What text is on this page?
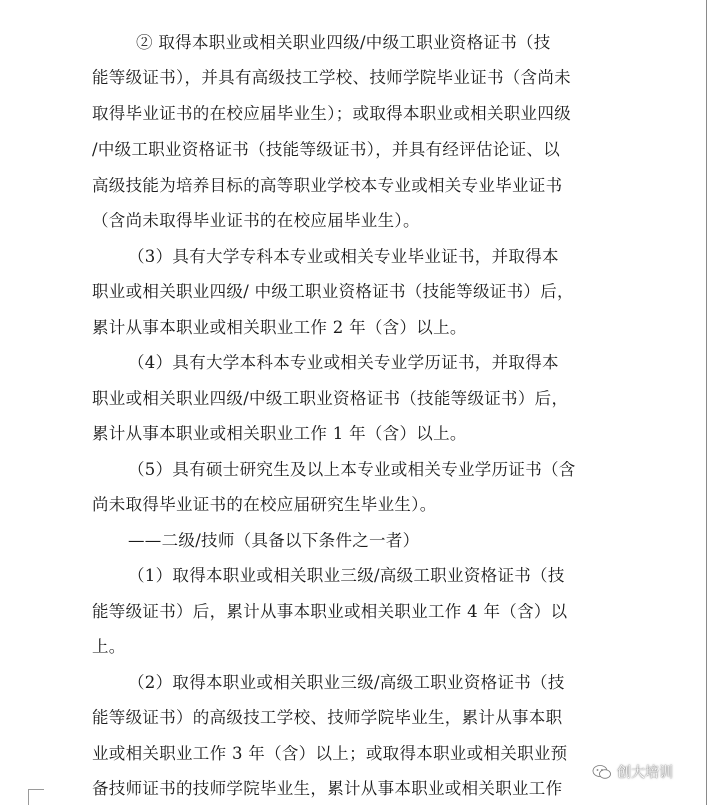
② 取得本职业或相关职业四级/中级工职业资格证书（技
能等级证书），并具有高级技工学校、技师学院毕业证书（含尚未
取得毕业证书的在校应届毕业生）；或取得本职业或相关职业四级
/中级工职业资格证书（技能等级证书），并具有经评估论证、以
高级技能为培养目标的高等职业学校本专业或相关专业毕业证书
（含尚未取得毕业证书的在校应届毕业生）。
（3）具有大学专科本专业或相关专业毕业证书，并取得本
职业或相关职业四级/ 中级工职业资格证书（技能等级证书）后，
累计从事本职业或相关职业工作 2 年（含）以上。
（4）具有大学本科本专业或相关专业学历证书，并取得本
职业或相关职业四级/中级工职业资格证书（技能等级证书）后，
累计从事本职业或相关职业工作 1 年（含）以上。
（5）具有硕士研究生及以上本专业或相关专业学历证书（含
尚未取得毕业证书的在校应届研究生毕业生）。
——二级/技师（具备以下条件之一者）
（1）取得本职业或相关职业三级/高级工职业资格证书（技
能等级证书）后，累计从事本职业或相关职业工作 4 年（含）以
上。
（2）取得本职业或相关职业三级/高级工职业资格证书（技
能等级证书）的高级技工学校、技师学院毕业生，累计从事本职
业或相关职业工作 3 年（含）以上；或取得本职业或相关职业预
备技师证书的技师学院毕业生，累计从事本职业或相关职业工作
创大培训
